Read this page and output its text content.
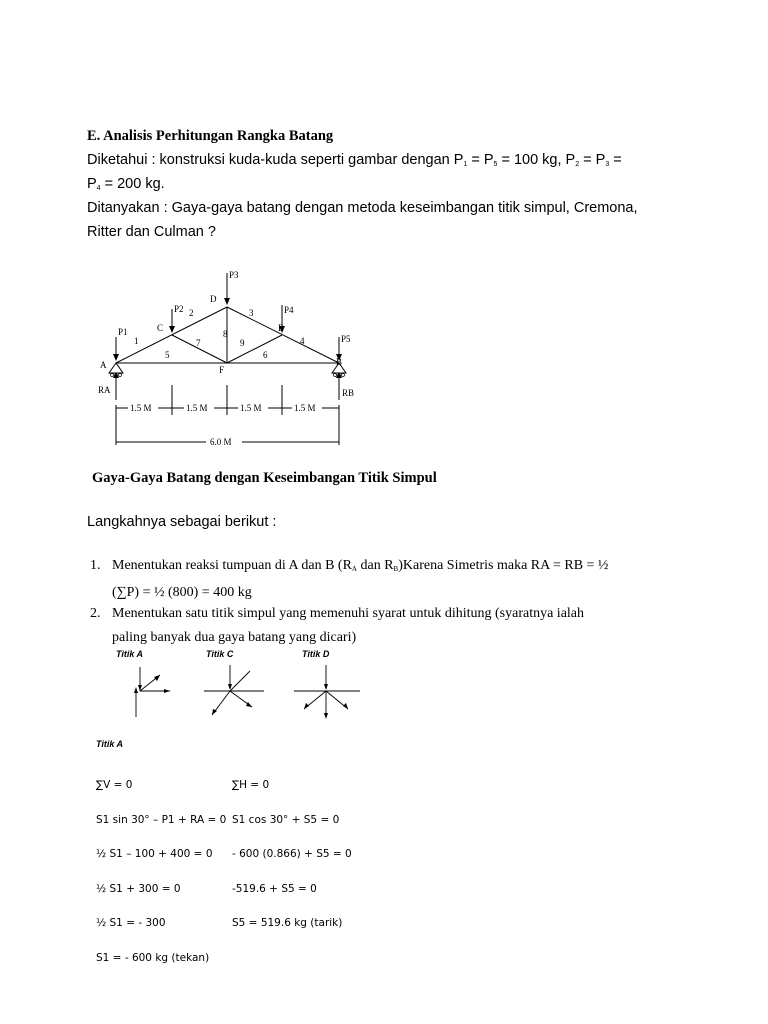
E. Analisis Perhitungan Rangka Batang
Diketahui : konstruksi kuda-kuda seperti gambar dengan $P_1 = P_5 = 100$ kg, $P_2 = P_3$ =
$P_4 = 200$ kg.
Ditanyakan : Gaya-gaya batang dengan metoda keseimbangan titik simpul, Cremona,
Ritter dan Culman ?
P1
P2
P3
P4
P5
A
C
D
E
B
F
1
2	3
4
5	6
7
8
9
RA	RB
1.5 M	1.5 M	1.5 M	1.5 M
6.0 M
Gaya-Gaya Batang dengan Keseimbangan Titik Simpul
Langkahnya sebagai berikut :
1. Menentukan reaksi tumpuan di A dan B ($R_A$ dan $R_B)Karena$ Simetris maka RA = RB = ½
(∑P) = ½ (800) = 400 kg
2. Menentukan satu titik simpul yang memenuhi syarat untuk dihitung (syaratnya ialah
paling banyak dua gaya batang yang dicari)
Titik A	Titik C	Titik D
Titik A

∑V = 0

S1 sin 30° – P1 + RA = 0

½ S1 – 100 + 400 = 0

½ S1 + 300 = 0

½ S1 = - 300

S1 = - 600 kg (tekan)

∑H = 0

S1 cos 30° + S5 = 0

- 600 (0.866) + S5 = 0

-519.6 + S5 = 0

S5 = 519.6 kg (tarik)
